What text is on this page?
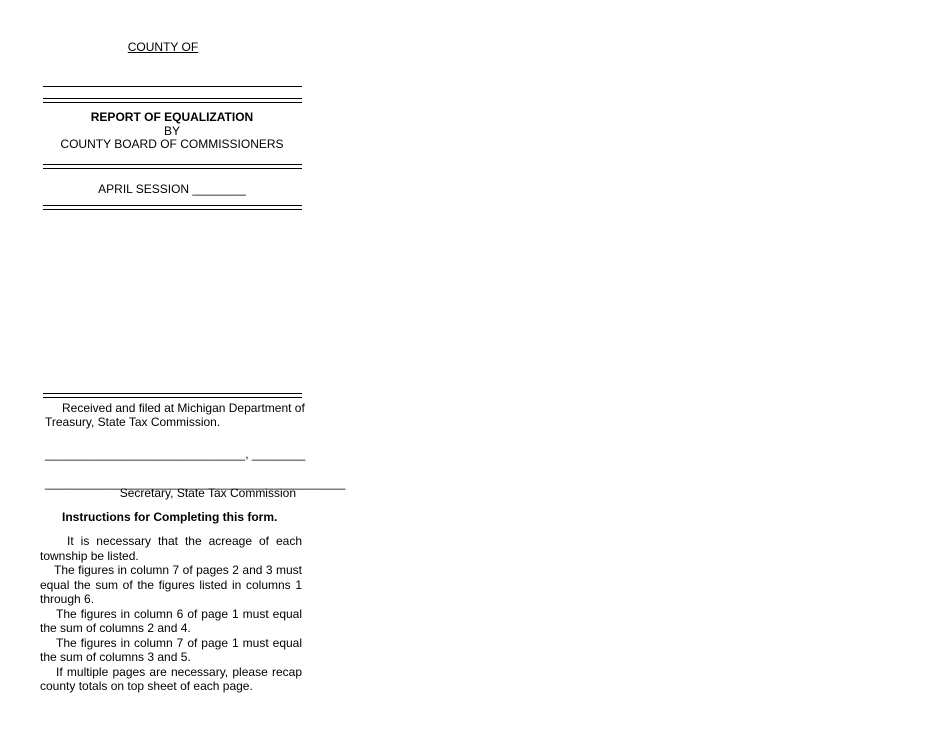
COUNTY OF
REPORT OF EQUALIZATION
BY
COUNTY BOARD OF COMMISSIONERS
APRIL SESSION ________
Received and filed at Michigan Department of
Treasury, State Tax Commission.
______________________________, ________
_____________________________________________
Secretary, State Tax Commission
Instructions for Completing this form.

It is necessary that the acreage of each township be listed.

The figures in column 7 of pages 2 and 3 must equal the sum of the figures listed in columns 1 through 6.

The figures in column 6 of page 1 must equal the sum of columns 2 and 4.

The figures in column 7 of page 1 must equal the sum of columns 3 and 5.

If multiple pages are necessary, please recap county totals on top sheet of each page.
